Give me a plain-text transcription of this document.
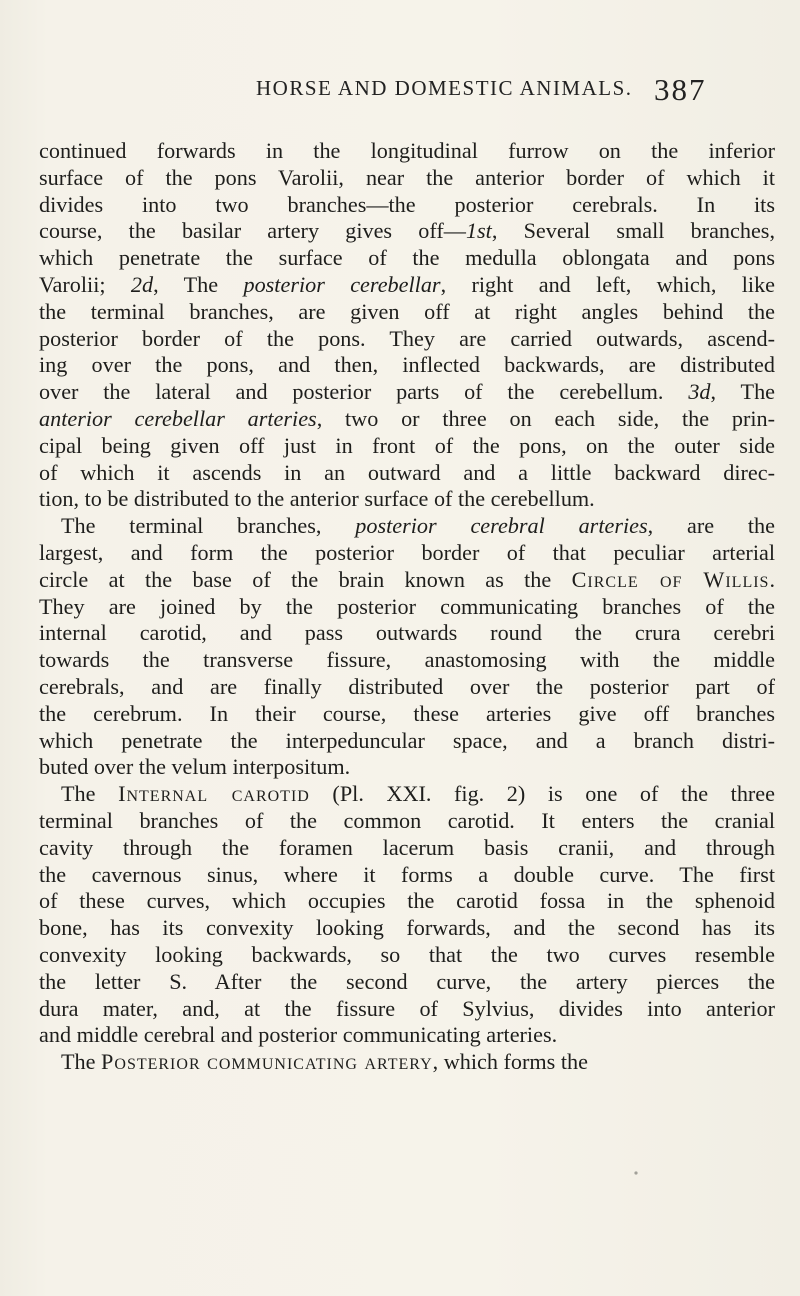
HORSE AND DOMESTIC ANIMALS. 387

continued forwards in the longitudinal furrow on the inferior
surface of the pons Varolii, near the anterior border of which it
divides into two branches—the posterior cerebrals. In its
course, the basilar artery gives off—1st, Several small branches,
which penetrate the surface of the medulla oblongata and pons
Varolii; 2d, The posterior cerebellar, right and left, which, like
the terminal branches, are given off at right angles behind the
posterior border of the pons. They are carried outwards, ascend-
ing over the pons, and then, inflected backwards, are distributed
over the lateral and posterior parts of the cerebellum. 3d, The
anterior cerebellar arteries, two or three on each side, the prin-
cipal being given off just in front of the pons, on the outer side
of which it ascends in an outward and a little backward direc-
tion, to be distributed to the anterior surface of the cerebellum.

The terminal branches, posterior cerebral arteries, are the
largest, and form the posterior border of that peculiar arterial
circle at the base of the brain known as the Circle of Willis.
They are joined by the posterior communicating branches of the
internal carotid, and pass outwards round the crura cerebri
towards the transverse fissure, anastomosing with the middle
cerebrals, and are finally distributed over the posterior part of
the cerebrum. In their course, these arteries give off branches
which penetrate the interpeduncular space, and a branch distri-
buted over the velum interpositum.

The Internal carotid (Pl. XXI. fig. 2) is one of the three
terminal branches of the common carotid. It enters the cranial
cavity through the foramen lacerum basis cranii, and through
the cavernous sinus, where it forms a double curve. The first
of these curves, which occupies the carotid fossa in the sphenoid
bone, has its convexity looking forwards, and the second has its
convexity looking backwards, so that the two curves resemble
the letter S. After the second curve, the artery pierces the
dura mater, and, at the fissure of Sylvius, divides into anterior
and middle cerebral and posterior communicating arteries.

The Posterior communicating artery, which forms the
